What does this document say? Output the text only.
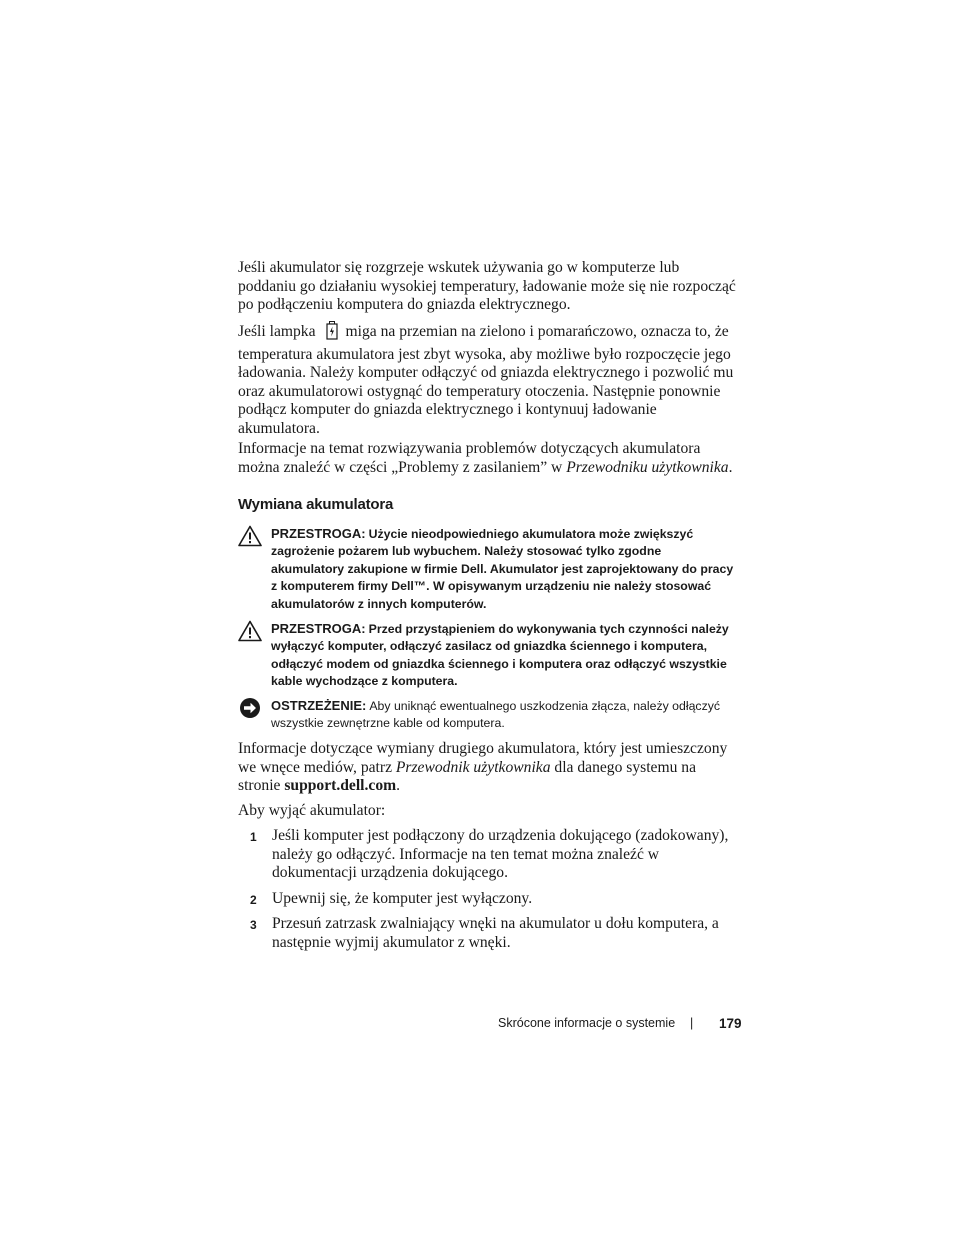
Jeśli akumulator się rozgrzeje wskutek używania go w komputerze lub poddaniu go działaniu wysokiej temperatury, ładowanie może się nie rozpocząć po podłączeniu komputera do gniazda elektrycznego.

Jeśli lampka miga na przemian na zielono i pomarańczowo, oznacza to, że temperatura akumulatora jest zbyt wysoka, aby możliwe było rozpoczęcie jego ładowania. Należy komputer odłączyć od gniazda elektrycznego i pozwolić mu oraz akumulatorowi ostygnąć do temperatury otoczenia. Następnie ponownie podłącz komputer do gniazda elektrycznego i kontynuuj ładowanie akumulatora.

Informacje na temat rozwiązywania problemów dotyczących akumulatora można znaleźć w części „Problemy z zasilaniem” w Przewodniku użytkownika.

Wymiana akumulatora
PRZESTROGA: Użycie nieodpowiedniego akumulatora może zwiększyć zagrożenie pożarem lub wybuchem. Należy stosować tylko zgodne akumulatory zakupione w firmie Dell. Akumulator jest zaprojektowany do pracy z komputerem firmy Dell™. W opisywanym urządzeniu nie należy stosować akumulatorów z innych komputerów.
PRZESTROGA: Przed przystąpieniem do wykonywania tych czynności należy wyłączyć komputer, odłączyć zasilacz od gniazdka ściennego i komputera, odłączyć modem od gniazdka ściennego i komputera oraz odłączyć wszystkie kable wychodzące z komputera.
OSTRZEŻENIE: Aby uniknąć ewentualnego uszkodzenia złącza, należy odłączyć wszystkie zewnętrzne kable od komputera.

Informacje dotyczące wymiany drugiego akumulatora, który jest umieszczony we wnęce mediów, patrz Przewodnik użytkownika dla danego systemu na stronie support.dell.com.

Aby wyjąć akumulator:

1 Jeśli komputer jest podłączony do urządzenia dokującego (zadokowany), należy go odłączyć. Informacje na ten temat można znaleźć w dokumentacji urządzenia dokującego.
2 Upewnij się, że komputer jest wyłączony.
3 Przesuń zatrzask zwalniający wnęki na akumulator u dołu komputera, a następnie wyjmij akumulator z wnęki.
Skrócone informacje o systemie | 179
